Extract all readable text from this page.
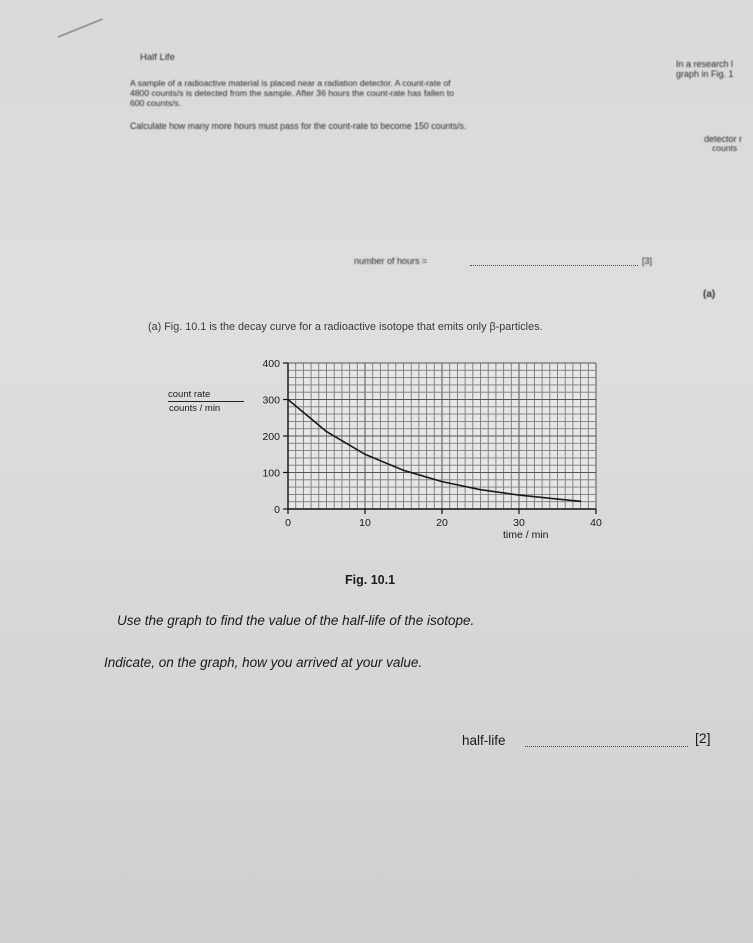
Half Life
A sample of a radioactive material is placed near a radiation detector. A count-rate of
4800 counts/s is detected from the sample. After 36 hours the count-rate has fallen to
600 counts/s.
Calculate how many more hours must pass for the count-rate to become 150 counts/s.
number of hours =	[3]
In a research l
graph in Fig. 1
detector r
counts
(a)
(a) Fig. 10.1 is the decay curve for a radioactive isotope that emits only β-particles.
count rate
counts / min
0
100
200
300
400
0	10	20	30	40
time / min
Fig. 10.1
Use the graph to find the value of the half-life of the isotope.
Indicate, on the graph, how you arrived at your value.
half-life	[2]
